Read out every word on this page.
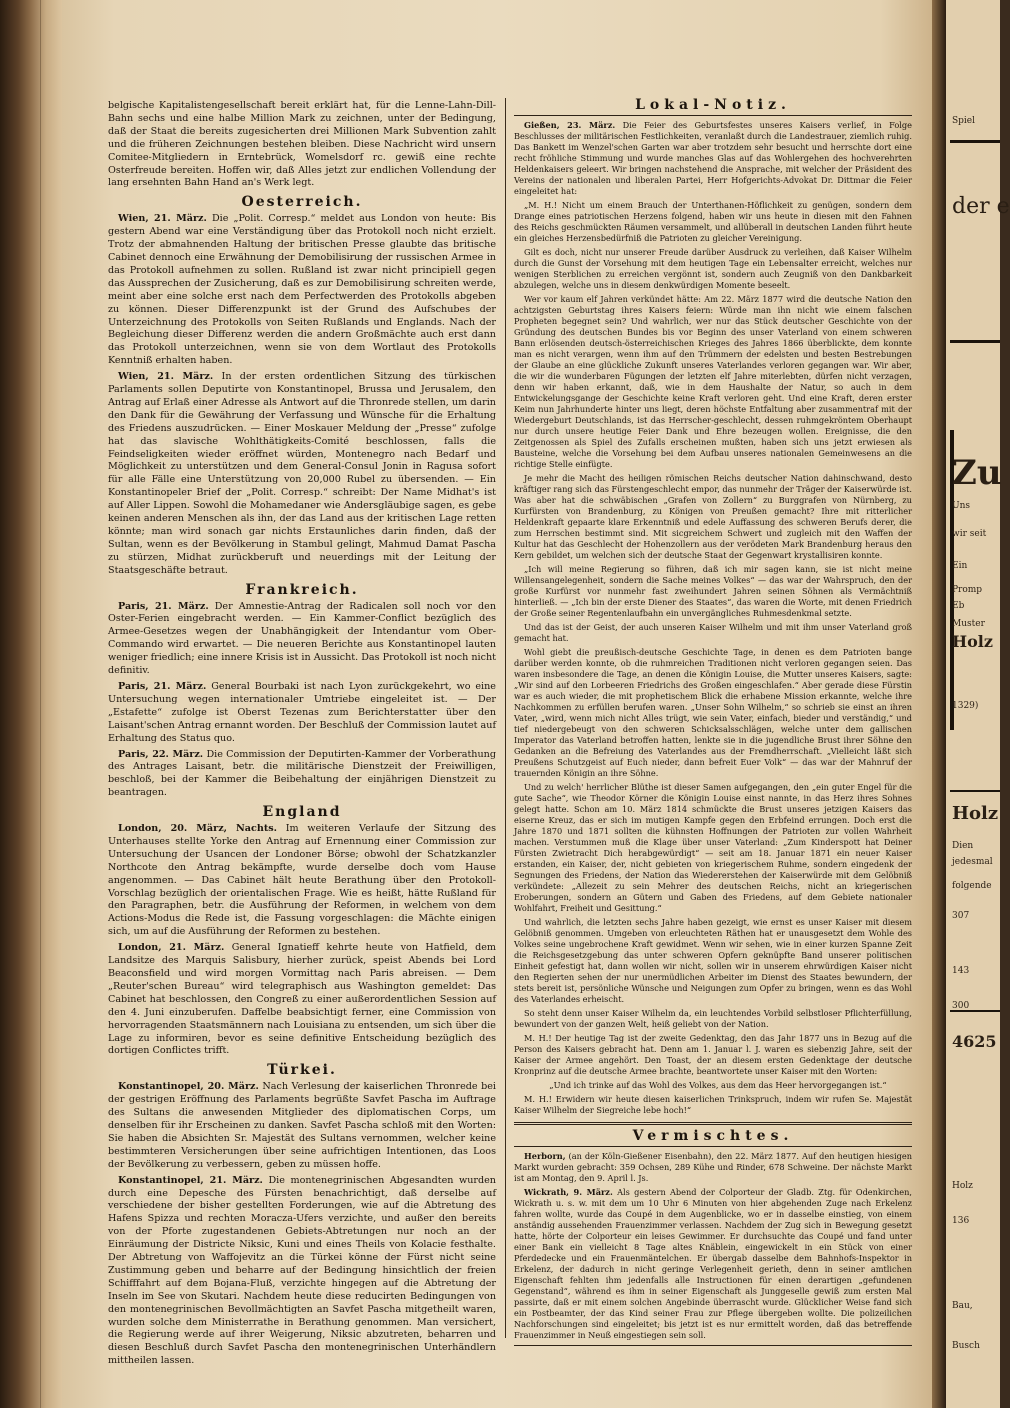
belgische Kapitalistengesellschaft bereit erklärt hat, für die Lenne-Lahn-Dill-Bahn sechs und eine halbe Million Mark zu zeichnen, unter der Bedingung, daß der Staat die bereits zugesicherten drei Millionen Mark Subvention zahlt und die früheren Zeichnungen bestehen bleiben. Diese Nachricht wird unsern Comitee-Mitgliedern in Erntebrück, Womelsdorf rc. gewiß eine rechte Osterfreude bereiten. Hoffen wir, daß Alles jetzt zur endlichen Vollendung der lang ersehnten Bahn Hand an's Werk legt.

Oesterreich.

Wien, 21. März. Die „Polit. Corresp.“ meldet aus London von heute: Bis gestern Abend war eine Verständigung über das Protokoll noch nicht erzielt. Trotz der abmahnenden Haltung der britischen Presse glaubte das britische Cabinet dennoch eine Erwähnung der Demobilisirung der russischen Armee in das Protokoll aufnehmen zu sollen. Rußland ist zwar nicht principiell gegen das Aussprechen der Zusicherung, daß es zur Demobilisirung schreiten werde, meint aber eine solche erst nach dem Perfectwerden des Protokolls abgeben zu können. Dieser Differenzpunkt ist der Grund des Aufschubes der Unterzeichnung des Protokolls von Seiten Rußlands und Englands. Nach der Begleichung dieser Differenz werden die andern Großmächte auch erst dann das Protokoll unterzeichnen, wenn sie von dem Wortlaut des Protokolls Kenntniß erhalten haben.

Wien, 21. März. In der ersten ordentlichen Sitzung des türkischen Parlaments sollen Deputirte von Konstantinopel, Brussa und Jerusalem, den Antrag auf Erlaß einer Adresse als Antwort auf die Thronrede stellen, um darin den Dank für die Gewährung der Verfassung und Wünsche für die Erhaltung des Friedens auszudrücken. — Einer Moskauer Meldung der „Presse“ zufolge hat das slavische Wohlthätigkeits-Comité beschlossen, falls die Feindseligkeiten wieder eröffnet würden, Montenegro nach Bedarf und Möglichkeit zu unterstützen und dem General-Consul Jonin in Ragusa sofort für alle Fälle eine Unterstützung von 20,000 Rubel zu übersenden. — Ein Konstantinopeler Brief der „Polit. Corresp.“ schreibt: Der Name Midhat's ist auf Aller Lippen. Sowohl die Mohamedaner wie Andersgläubige sagen, es gebe keinen anderen Menschen als ihn, der das Land aus der kritischen Lage retten könnte; man wird sonach gar nichts Erstaunliches darin finden, daß der Sultan, wenn es der Bevölkerung in Stambul gelingt, Mahmud Damat Pascha zu stürzen, Midhat zurückberuft und neuerdings mit der Leitung der Staatsgeschäfte betraut.

Frankreich.

Paris, 21. März. Der Amnestie-Antrag der Radicalen soll noch vor den Oster-Ferien eingebracht werden. — Ein Kammer-Conflict bezüglich des Armee-Gesetzes wegen der Unabhängigkeit der Intendantur vom Ober-Commando wird erwartet. — Die neueren Berichte aus Konstantinopel lauten weniger friedlich; eine innere Krisis ist in Aussicht. Das Protokoll ist noch nicht definitiv.

Paris, 21. März. General Bourbaki ist nach Lyon zurückgekehrt, wo eine Untersuchung wegen internationaler Umtriebe eingeleitet ist. — Der „Estafette“ zufolge ist Oberst Tezenas zum Berichterstatter über den Laisant'schen Antrag ernannt worden. Der Beschluß der Commission lautet auf Erhaltung des Status quo.

Paris, 22. März. Die Commission der Deputirten-Kammer der Vorberathung des Antrages Laisant, betr. die militärische Dienstzeit der Freiwilligen, beschloß, bei der Kammer die Beibehaltung der einjährigen Dienstzeit zu beantragen.

England

London, 20. März, Nachts. Im weiteren Verlaufe der Sitzung des Unterhauses stellte Yorke den Antrag auf Ernennung einer Commission zur Untersuchung der Usancen der Londoner Börse; obwohl der Schatzkanzler Northcote den Antrag bekämpfte, wurde derselbe doch vom Hause angenommen. — Das Cabinet hält heute Berathung über den Protokoll-Vorschlag bezüglich der orientalischen Frage. Wie es heißt, hätte Rußland für den Paragraphen, betr. die Ausführung der Reformen, in welchem von dem Actions-Modus die Rede ist, die Fassung vorgeschlagen: die Mächte einigen sich, um auf die Ausführung der Reformen zu bestehen.

London, 21. März. General Ignatieff kehrte heute von Hatfield, dem Landsitze des Marquis Salisbury, hierher zurück, speist Abends bei Lord Beaconsfield und wird morgen Vormittag nach Paris abreisen. — Dem „Reuter'schen Bureau“ wird telegraphisch aus Washington gemeldet: Das Cabinet hat beschlossen, den Congreß zu einer außerordentlichen Session auf den 4. Juni einzuberufen. Daffelbe beabsichtigt ferner, eine Commission von hervorragenden Staatsmännern nach Louisiana zu entsenden, um sich über die Lage zu informiren, bevor es seine definitive Entscheidung bezüglich des dortigen Conflictes trifft.

Türkei.

Konstantinopel, 20. März. Nach Verlesung der kaiserlichen Thronrede bei der gestrigen Eröffnung des Parlaments begrüßte Savfet Pascha im Auftrage des Sultans die anwesenden Mitglieder des diplomatischen Corps, um denselben für ihr Erscheinen zu danken. Savfet Pascha schloß mit den Worten: Sie haben die Absichten Sr. Majestät des Sultans vernommen, welcher keine bestimmteren Versicherungen über seine aufrichtigen Intentionen, das Loos der Bevölkerung zu verbessern, geben zu müssen hoffe.

Konstantinopel, 21. März. Die montenegrinischen Abgesandten wurden durch eine Depesche des Fürsten benachrichtigt, daß derselbe auf verschiedene der bisher gestellten Forderungen, wie auf die Abtretung des Hafens Spizza und rechten Moracza-Ufers verzichte, und außer den bereits von der Pforte zugestandenen Gebiets-Abtretungen nur noch an der Einräumung der Districte Niksic, Kuni und eines Theils von Kolacie festhalte. Der Abtretung von Waffojevitz an die Türkei könne der Fürst nicht seine Zustimmung geben und beharre auf der Bedingung hinsichtlich der freien Schifffahrt auf dem Bojana-Fluß, verzichte hingegen auf die Abtretung der Inseln im See von Skutari. Nachdem heute diese reducirten Bedingungen von den montenegrinischen Bevollmächtigten an Savfet Pascha mitgetheilt waren, wurden solche dem Ministerrathe in Berathung genommen. Man versichert, die Regierung werde auf ihrer Weigerung, Niksic abzutreten, beharren und diesen Beschluß durch Savfet Pascha den montenegrinischen Unterhändlern mittheilen lassen.

Lokal-Notiz.

Gießen, 23. März. Die Feier des Geburtsfestes unseres Kaisers verlief, in Folge Beschlusses der militärischen Festlichkeiten, veranlaßt durch die Landestrauer, ziemlich ruhig. Das Bankett im Wenzel'schen Garten war aber trotzdem sehr besucht und herrschte dort eine recht fröhliche Stimmung und wurde manches Glas auf das Wohlergehen des hochverehrten Heldenkaisers geleert. Wir bringen nachstehend die Ansprache, mit welcher der Präsident des Vereins der nationalen und liberalen Partei, Herr Hofgerichts-Advokat Dr. Dittmar die Feier eingeleitet hat:

„M. H.! Nicht um einem Brauch der Unterthanen-Höflichkeit zu genügen, sondern dem Drange eines patriotischen Herzens folgend, haben wir uns heute in diesen mit den Fahnen des Reichs geschmückten Räumen versammelt, und allüberall in deutschen Landen führt heute ein gleiches Herzensbedürfniß die Patrioten zu gleicher Vereinigung.

Gilt es doch, nicht nur unserer Freude darüber Ausdruck zu verleihen, daß Kaiser Wilhelm durch die Gunst der Vorsehung mit dem heutigen Tage ein Lebensalter erreicht, welches nur wenigen Sterblichen zu erreichen vergönnt ist, sondern auch Zeugniß von den Dankbarkeit abzulegen, welche uns in diesem denkwürdigen Momente beseelt.

Wer vor kaum elf Jahren verkündet hätte: Am 22. März 1877 wird die deutsche Nation den achtzigsten Geburtstag ihres Kaisers feiern: Würde man ihn nicht wie einem falschen Propheten begegnet sein? Und wahrlich, wer nur das Stück deutscher Geschichte von der Gründung des deutschen Bundes bis vor Beginn des unser Vaterland von einem schweren Bann erlösenden deutsch-österreichischen Krieges des Jahres 1866 überblickte, dem konnte man es nicht verargen, wenn ihm auf den Trümmern der edelsten und besten Bestrebungen der Glaube an eine glückliche Zukunft unseres Vaterlandes verloren gegangen war. Wir aber, die wir die wunderbaren Fügungen der letzten elf Jahre miterlebten, dürfen nicht verzagen, denn wir haben erkannt, daß, wie in dem Haushalte der Natur, so auch in dem Entwickelungsgange der Geschichte keine Kraft verloren geht. Und eine Kraft, deren erster Keim nun Jahrhunderte hinter uns liegt, deren höchste Entfaltung aber zusammentraf mit der Wiedergeburt Deutschlands, ist das Herrscher-geschlecht, dessen ruhmgekröntem Oberhaupt nur durch unsere heutige Feier Dank und Ehre bezeugen wollen. Ereignisse, die den Zeitgenossen als Spiel des Zufalls erscheinen mußten, haben sich uns jetzt erwiesen als Bausteine, welche die Vorsehung bei dem Aufbau unseres nationalen Gemeinwesens an die richtige Stelle einfügte.

Je mehr die Macht des heiligen römischen Reichs deutscher Nation dahinschwand, desto kräftiger rang sich das Fürstengeschlecht empor, das nunmehr der Träger der Kaiserwürde ist. Was aber hat die schwäbischen „Grafen von Zollern“ zu Burggrafen von Nürnberg, zu Kurfürsten von Brandenburg, zu Königen von Preußen gemacht? Ihre mit ritterlicher Heldenkraft gepaarte klare Erkenntniß und edele Auffassung des schweren Berufs derer, die zum Herrschen bestimmt sind. Mit sicgreichem Schwert und zugleich mit den Waffen der Kultur hat das Geschlecht der Hohenzollern aus der verödeten Mark Brandenburg heraus den Kern gebildet, um welchen sich der deutsche Staat der Gegenwart krystallisiren konnte.

„Ich will meine Regierung so führen, daß ich mir sagen kann, sie ist nicht meine Willensangelegenheit, sondern die Sache meines Volkes“ — das war der Wahrspruch, den der große Kurfürst vor nunmehr fast zweihundert Jahren seinen Söhnen als Vermächtniß hinterließ. — „Ich bin der erste Diener des Staates“, das waren die Worte, mit denen Friedrich der Große seiner Regentenlaufbahn ein unvergängliches Ruhmesdenkmal setzte.

Und das ist der Geist, der auch unseren Kaiser Wilhelm und mit ihm unser Vaterland groß gemacht hat.

Wohl giebt die preußisch-deutsche Geschichte Tage, in denen es dem Patrioten bange darüber werden konnte, ob die ruhmreichen Traditionen nicht verloren gegangen seien. Das waren insbesondere die Tage, an denen die Königin Louise, die Mutter unseres Kaisers, sagte: „Wir sind auf den Lorbeeren Friedrichs des Großen eingeschlafen.“ Aber gerade diese Fürstin war es auch wieder, die mit prophetischem Blick die erhabene Mission erkannte, welche ihre Nachkommen zu erfüllen berufen waren. „Unser Sohn Wilhelm,“ so schrieb sie einst an ihren Vater, „wird, wenn mich nicht Alles trügt, wie sein Vater, einfach, bieder und verständig,“ und tief niedergebeugt von den schweren Schicksalsschlägen, welche unter dem gallischen Imperator das Vaterland betroffen hatten, lenkte sie in die jugendliche Brust ihrer Söhne den Gedanken an die Befreiung des Vaterlandes aus der Fremdherrschaft. „Vielleicht läßt sich Preußens Schutzgeist auf Euch nieder, dann befreit Euer Volk“ — das war der Mahnruf der trauernden Königin an ihre Söhne.

Und zu welch' herrlicher Blüthe ist dieser Samen aufgegangen, den „ein guter Engel für die gute Sache“, wie Theodor Körner die Königin Louise einst nannte, in das Herz ihres Sohnes gelegt hatte. Schon am 10. März 1814 schmückte die Brust unseres jetzigen Kaisers das eiserne Kreuz, das er sich im mutigen Kampfe gegen den Erbfeind errungen. Doch erst die Jahre 1870 und 1871 sollten die kühnsten Hoffnungen der Patrioten zur vollen Wahrheit machen. Verstummen muß die Klage über unser Vaterland: „Zum Kinderspott hat Deiner Fürsten Zwietracht Dich herabgewürdigt“ — seit am 18. Januar 1871 ein neuer Kaiser erstanden, ein Kaiser, der, nicht gebieten von kriegerischem Ruhme, sondern eingedenk der Segnungen des Friedens, der Nation das Wiedererstehen der Kaiserwürde mit dem Gelöbniß verkündete: „Allezeit zu sein Mehrer des deutschen Reichs, nicht an kriegerischen Eroberungen, sondern an Gütern und Gaben des Friedens, auf dem Gebiete nationaler Wohlfahrt, Freiheit und Gesittung.“

Und wahrlich, die letzten sechs Jahre haben gezeigt, wie ernst es unser Kaiser mit diesem Gelöbniß genommen. Umgeben von erleuchteten Räthen hat er unausgesetzt dem Wohle des Volkes seine ungebrochene Kraft gewidmet. Wenn wir sehen, wie in einer kurzen Spanne Zeit die Reichsgesetzgebung das unter schweren Opfern geknüpfte Band unserer politischen Einheit gefestigt hat, dann wollen wir nicht, sollen wir in unserem ehrwürdigen Kaiser nicht den Regierten sehen der nur unermüdlichen Arbeiter im Dienst des Staates bewundern, der stets bereit ist, persönliche Wünsche und Neigungen zum Opfer zu bringen, wenn es das Wohl des Vaterlandes erheischt.

So steht denn unser Kaiser Wilhelm da, ein leuchtendes Vorbild selbstloser Pflichterfüllung, bewundert von der ganzen Welt, heiß geliebt von der Nation.

M. H.! Der heutige Tag ist der zweite Gedenktag, den das Jahr 1877 uns in Bezug auf die Person des Kaisers gebracht hat. Denn am 1. Januar l. J. waren es siebenzig Jahre, seit der Kaiser der Armee angehört. Den Toast, der an diesem ersten Gedenktage der deutsche Kronprinz auf die deutsche Armee brachte, beantwortete unser Kaiser mit den Worten:

„Und ich trinke auf das Wohl des Volkes, aus dem das Heer hervorgegangen ist.“

M. H.! Erwidern wir heute diesen kaiserlichen Trinkspruch, indem wir rufen Se. Majestät Kaiser Wilhelm der Siegreiche lebe hoch!“

Vermischtes.

Herborn, (an der Köln-Gießener Eisenbahn), den 22. März 1877. Auf den heutigen hiesigen Markt wurden gebracht: 359 Ochsen, 289 Kühe und Rinder, 678 Schweine. Der nächste Markt ist am Montag, den 9. April l. Js.

Wickrath, 9. März. Als gestern Abend der Colporteur der Gladb. Ztg. für Odenkirchen, Wickrath u. s. w. mit dem um 10 Uhr 6 Minuten von hier abgehenden Zuge nach Erkelenz fahren wollte, wurde das Coupé in dem Augenblicke, wo er in dasselbe einstieg, von einem anständig aussehenden Frauenzimmer verlassen. Nachdem der Zug sich in Bewegung gesetzt hatte, hörte der Colporteur ein leises Gewimmer. Er durchsuchte das Coupé und fand unter einer Bank ein vielleicht 8 Tage altes Knäblein, eingewickelt in ein Stück von einer Pferdedecke und ein Frauenmäntelchen. Er übergab dasselbe dem Bahnhofs-Inspektor in Erkelenz, der dadurch in nicht geringe Verlegenheit gerieth, denn in seiner amtlichen Eigenschaft fehlten ihm jedenfalls alle Instructionen für einen derartigen „gefundenen Gegenstand“, während es ihm in seiner Eigenschaft als Junggeselle gewiß zum ersten Mal passirte, daß er mit einem solchen Angebinde überrascht wurde. Glücklicher Weise fand sich ein Postbeamter, der das Kind seiner Frau zur Pflege übergeben wollte. Die polizeilichen Nachforschungen sind eingeleitet; bis jetzt ist es nur ermittelt worden, daß das betreffende Frauenzimmer in Neuß eingestiegen sein soll.

Spiel
der e
Zu
Uns
wir seit
Ein
Promp
Eb
Muster
Holz
1329)
Holz
Dien
jedesmal
folgende
307
143
300
4625
Holz
136
Bau,
Busch
